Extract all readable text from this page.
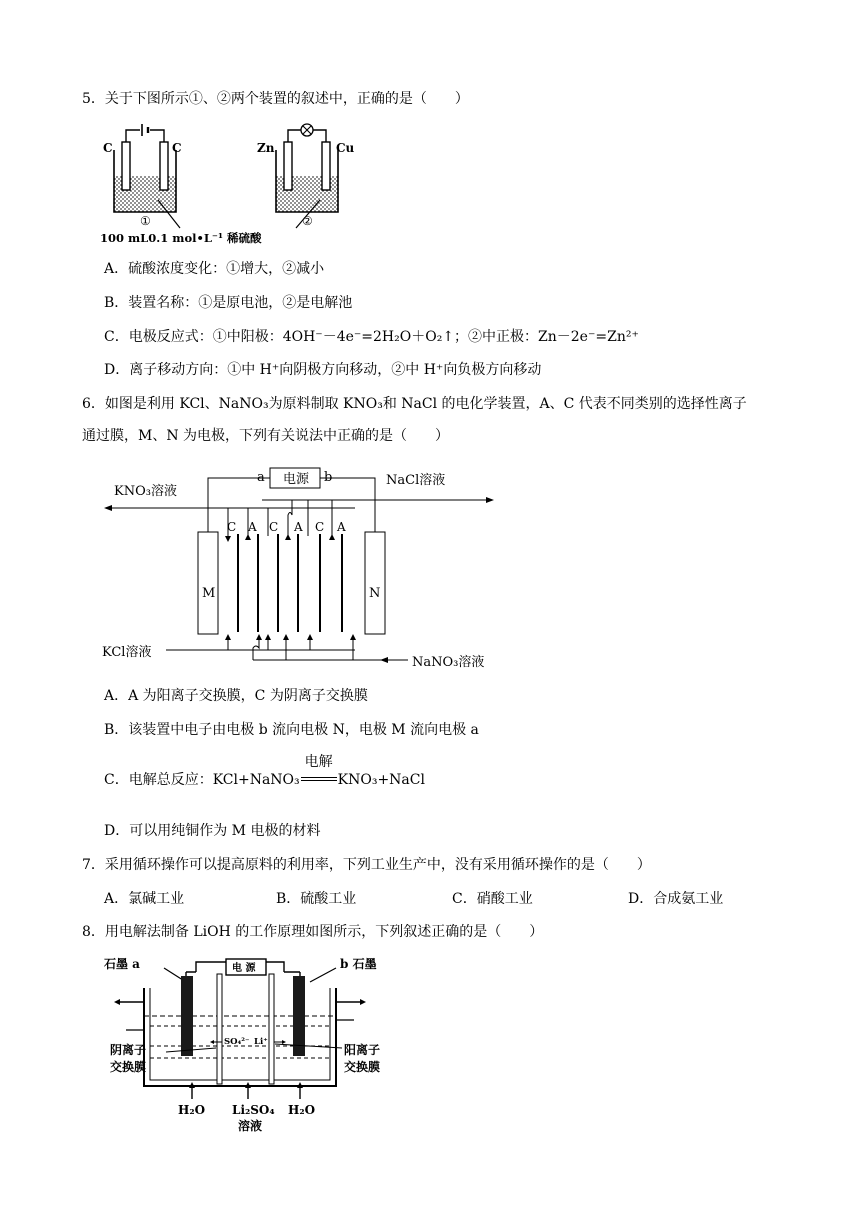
5．关于下图所示①、②两个装置的叙述中，正确的是（　　）
C	C
①
Zn	Cu
②
100 mL0.1 mol•L⁻¹ 稀硫酸
A．硫酸浓度变化：①增大，②减小
B．装置名称：①是原电池，②是电解池
C．电极反应式：①中阳极：4OH⁻－4e⁻=2H₂O＋O₂↑；②中正极：Zn－2e⁻=Zn²⁺
D．离子移动方向：①中 H⁺向阴极方向移动，②中 H⁺向负极方向移动
6．如图是利用 KCl、NaNO₃为原料制取 KNO₃和 NaCl 的电化学装置，A、C 代表不同类别的选择性离子
通过膜，M、N 为电极，下列有关说法中正确的是（　　）
电源
a	b
KNO₃溶液
NaCl溶液
M	N
C A C A C A
KCl溶液
NaNO₃溶液
A．A 为阳离子交换膜，C 为阴离子交换膜
B．该装置中电子由电极 b 流向电极 N，电极 M 流向电极 a
C．电解总反应：KCl+NaNO₃
电解
KNO₃+NaCl
D．可以用纯铜作为 M 电极的材料
7．采用循环操作可以提高原料的利用率，下列工业生产中，没有采用循环操作的是（　　）
A．氯碱工业	B．硫酸工业	C．硝酸工业	D．合成氨工业
8．用电解法制备 LiOH 的工作原理如图所示，下列叙述正确的是（　　）
电 源
石墨 a	b 石墨
SO₄²⁻ Li⁺
阴离子
交换膜
阳离子
交换膜
H₂O Li₂SO₄
溶液
H₂O
